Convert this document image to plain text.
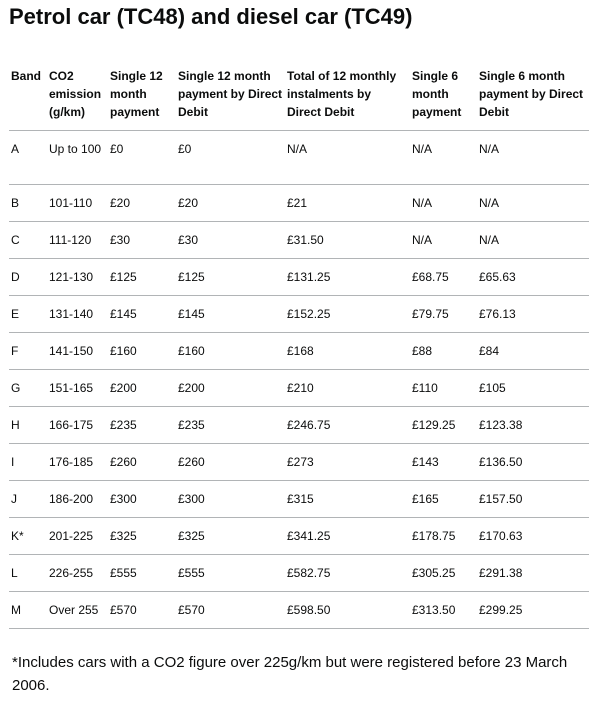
Petrol car (TC48) and diesel car (TC49)
Band	CO2 emission (g/km)	Single 12 month payment	Single 12 month payment by Direct Debit	Total of 12 monthly instalments by Direct Debit	Single 6 month payment	Single 6 month payment by Direct Debit
A	Up to 100	£0	£0	N/A	N/A	N/A
B	101-110	£20	£20	£21	N/A	N/A
C	111-120	£30	£30	£31.50	N/A	N/A
D	121-130	£125	£125	£131.25	£68.75	£65.63
E	131-140	£145	£145	£152.25	£79.75	£76.13
F	141-150	£160	£160	£168	£88	£84
G	151-165	£200	£200	£210	£110	£105
H	166-175	£235	£235	£246.75	£129.25	£123.38
I	176-185	£260	£260	£273	£143	£136.50
J	186-200	£300	£300	£315	£165	£157.50
K*	201-225	£325	£325	£341.25	£178.75	£170.63
L	226-255	£555	£555	£582.75	£305.25	£291.38
M	Over 255	£570	£570	£598.50	£313.50	£299.25

*Includes cars with a CO2 figure over 225g/km but were registered before 23 March 2006.
